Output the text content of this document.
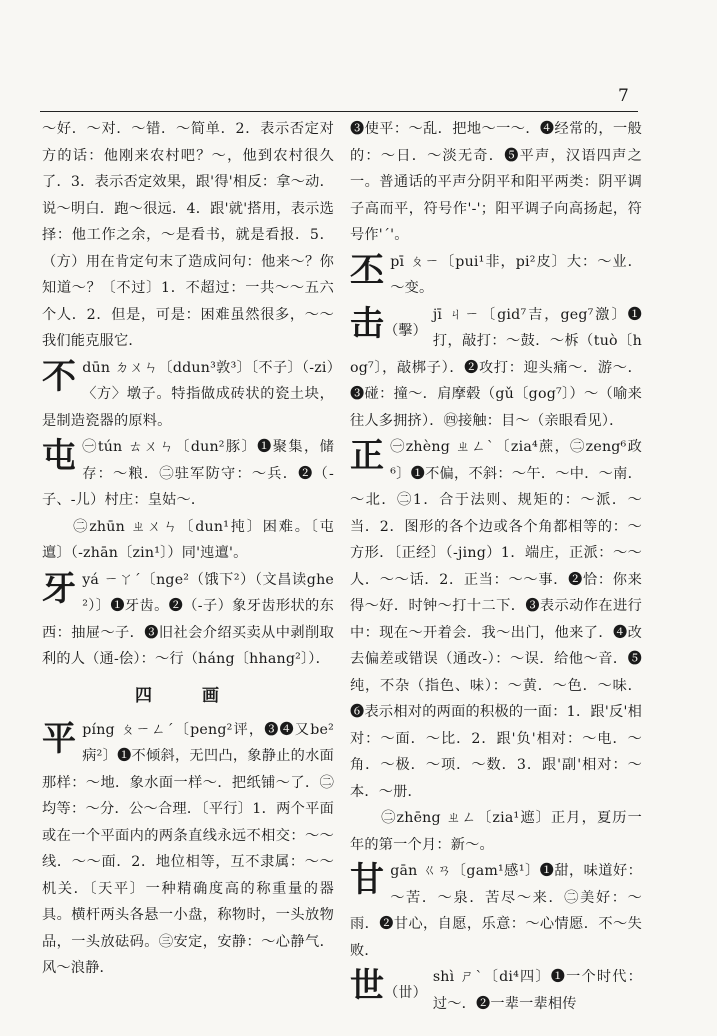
7

～好．～对．～错．～简单．2．表示否定对方的话：他刚来农村吧？～，他到农村很久了．3．表示否定效果，跟'得'相反：拿～动．说～明白．跑～很远．4．跟'就'搭用，表示选择：他工作之余，～是看书，就是看报．5．（方）用在肯定句末了造成问句：他来～？你知道～？〔不过〕1．不超过：一共～～五六个人．2．但是，可是：困难虽然很多，～～我们能克服它．

不dūn ㄉㄨㄣ〔ddun³敦³〕〔不子〕（-zi）〈方〉墩子。特指做成砖状的瓷土块，是制造瓷器的原料。

屯 ㊀tún ㄊㄨㄣ〔dun²豚〕❶聚集，储存：～粮．㊁驻军防守：～兵．❷（-子、-儿）村庄：皇姑～．

㊁zhūn ㄓㄨㄣ〔dun¹扽〕困难。〔屯邅〕（-zhān〔zin¹〕）同'迍邅'。

牙yá ㄧㄚˊ〔nge²（饿下²）（文昌读ghe²）〕❶牙齿。❷（-子）象牙齿形状的东西：抽屉～子．❸旧社会介绍买卖从中剥削取利的人（通-侩）：～行（háng〔hhang²〕）．

四 画

平píng ㄆㄧㄥˊ〔peng²评，❸❹又be²病²〕❶不倾斜，无凹凸，象静止的水面那样：～地．象水面一样～．把纸铺～了．㊁均等：～分．公～合理．〔平行〕1．两个平面或在一个平面内的两条直线永远不相交：～～线．～～面．2．地位相等，互不隶属：～～机关．〔天平〕一种精确度高的称重量的器具。横杆两头各悬一小盘，称物时，一头放物品，一头放砝码。㊂安定，安静：～心静气．风～浪静．

❸使平：～乱．把地～一～．❹经常的，一般的：～日．～淡无奇．❺平声，汉语四声之一。普通话的平声分阴平和阳平两类：阴平调子高而平，符号作'-'；阳平调子向高扬起，符号作'ˊ'。

丕pī ㄆㄧ〔pui¹非，pi²皮〕大：～业．～变。

击（擊）
jī ㄐㄧ〔gid⁷吉，geg⁷激〕❶打，敲打：～鼓．～柝（tuò〔hog⁷〕，敲梆子）．❷攻打：迎头痛～．游～．❸碰：撞～．肩摩毂（gǔ〔gog⁷〕）～（喻来往人多拥挤）．㊃接触：目～（亲眼看见）．

正 ㊀zhèng ㄓㄥˋ〔zia⁴蔗，㊁zeng⁶政⁶〕❶不偏，不斜：～午．～中．～南．～北．㊁1．合于法则、规矩的：～派．～当．2．图形的各个边或各个角都相等的：～方形．〔正经〕（-jing）1．端庄，正派：～～人．～～话．2．正当：～～事．❷恰：你来得～好．时钟～打十二下．❸表示动作在进行中：现在～开着会．我～出门，他来了．❹改去偏差或错误（通改-）：～误．给他～音．❺纯，不杂（指色、味）：～黄．～色．～味．❻表示相对的两面的积极的一面：1．跟'反'相对：～面．～比．2．跟'负'相对：～电．～角．～极．～项．～数．3．跟'副'相对：～本．～册．

㊁zhēng ㄓㄥ〔zia¹遮〕正月，夏历一年的第一个月：新～。

甘gān ㄍㄢ〔gam¹感¹〕❶甜，味道好：～苦．～泉．苦尽～来．㊁美好：～雨．❷甘心，自愿，乐意：～心情愿．不～失败．

世（丗）
shì ㄕˋ〔di⁴四〕❶一个时代：过～．❷一辈一辈相传
